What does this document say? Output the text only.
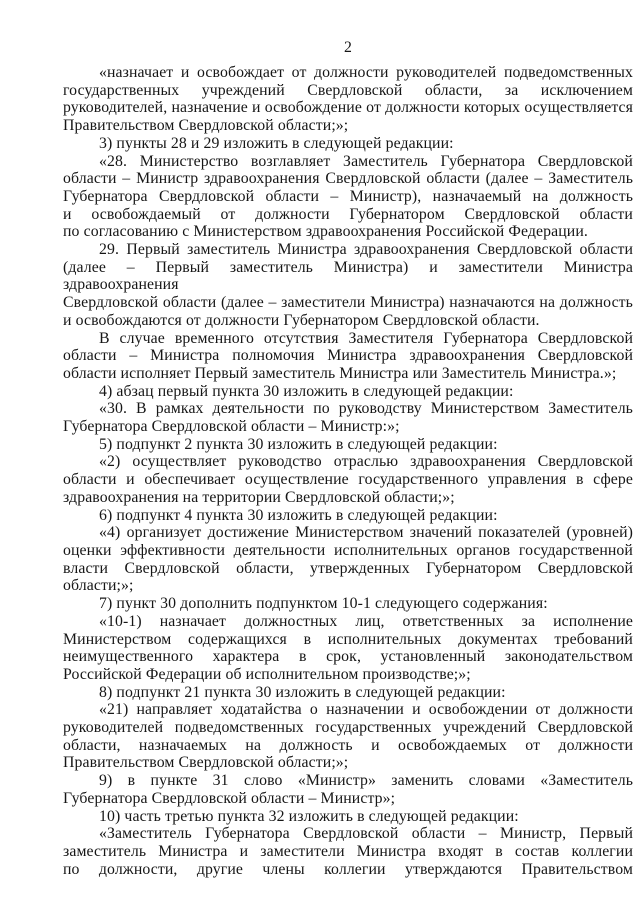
2
«назначает и освобождает от должности руководителей подведомственных
государственных учреждений Свердловской области, за исключением
руководителей, назначение и освобождение от должности которых осуществляется
Правительством Свердловской области;»;
3) пункты 28 и 29 изложить в следующей редакции:
«28. Министерство возглавляет Заместитель Губернатора Свердловской
области – Министр здравоохранения Свердловской области (далее – Заместитель
Губернатора Свердловской области – Министр), назначаемый на должность
и освобождаемый от должности Губернатором Свердловской области
по согласованию с Министерством здравоохранения Российской Федерации.
29. Первый заместитель Министра здравоохранения Свердловской области
(далее – Первый заместитель Министра) и заместители Министра здравоохранения
Свердловской области (далее – заместители Министра) назначаются на должность
и освобождаются от должности Губернатором Свердловской области.
В случае временного отсутствия Заместителя Губернатора Свердловской
области – Министра полномочия Министра здравоохранения Свердловской
области исполняет Первый заместитель Министра или Заместитель Министра.»;
4) абзац первый пункта 30 изложить в следующей редакции:
«30. В рамках деятельности по руководству Министерством Заместитель
Губернатора Свердловской области – Министр:»;
5) подпункт 2 пункта 30 изложить в следующей редакции:
«2) осуществляет руководство отраслью здравоохранения Свердловской
области и обеспечивает осуществление государственного управления в сфере
здравоохранения на территории Свердловской области;»;
6) подпункт 4 пункта 30 изложить в следующей редакции:
«4) организует достижение Министерством значений показателей (уровней)
оценки эффективности деятельности исполнительных органов государственной
власти Свердловской области, утвержденных Губернатором Свердловской
области;»;
7) пункт 30 дополнить подпунктом 10-1 следующего содержания:
«10-1) назначает должностных лиц, ответственных за исполнение
Министерством содержащихся в исполнительных документах требований
неимущественного характера в срок, установленный законодательством
Российской Федерации об исполнительном производстве;»;
8) подпункт 21 пункта 30 изложить в следующей редакции:
«21) направляет ходатайства о назначении и освобождении от должности
руководителей подведомственных государственных учреждений Свердловской
области, назначаемых на должность и освобождаемых от должности
Правительством Свердловской области;»;
9) в пункте 31 слово «Министр» заменить словами «Заместитель
Губернатора Свердловской области – Министр»;
10) часть третью пункта 32 изложить в следующей редакции:
«Заместитель Губернатора Свердловской области – Министр, Первый
заместитель Министра и заместители Министра входят в состав коллегии
по должности, другие члены коллегии утверждаются Правительством
